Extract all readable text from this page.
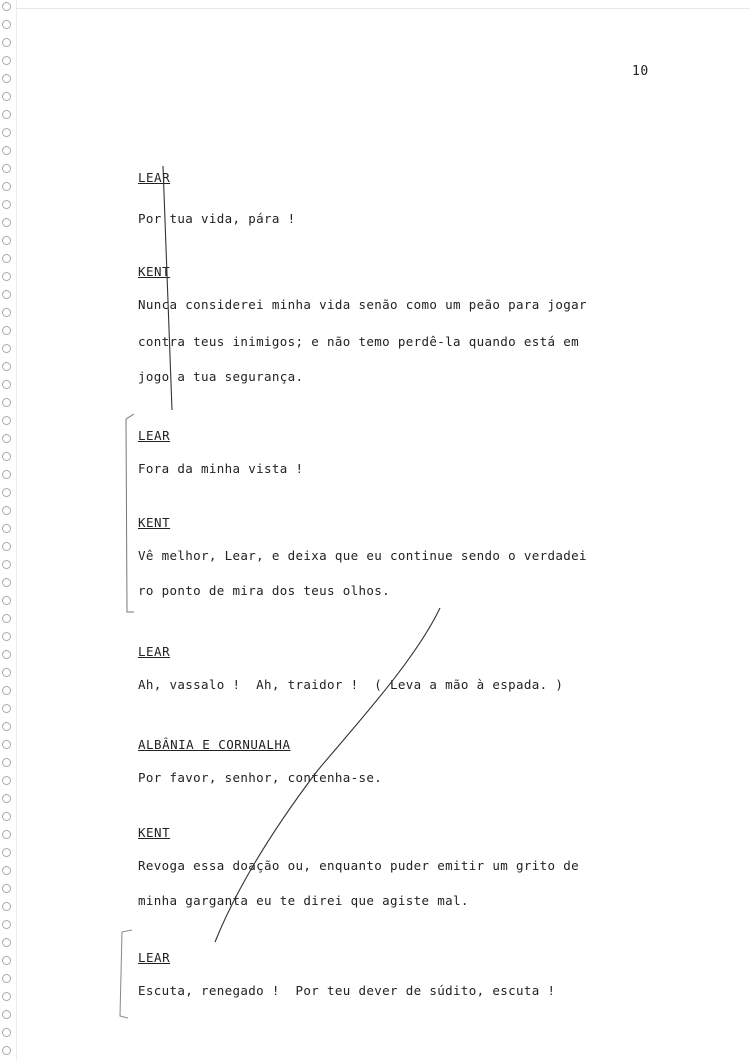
10
LEAR
Por tua vida, pára !
KENT
Nunca considerei minha vida senão como um peão para jogar
contra teus inimigos; e não temo perdê-la quando está em
jogo a tua segurança.
LEAR
Fora da minha vista !
KENT
Vê melhor, Lear, e deixa que eu continue sendo o verdadei
ro ponto de mira dos teus olhos.
LEAR
Ah, vassalo !  Ah, traidor !  ( Leva a mão à espada. )
ALBÂNIA E CORNUALHA
Por favor, senhor, contenha-se.
KENT
Revoga essa doação ou, enquanto puder emitir um grito de
minha garganta eu te direi que agiste mal.
LEAR
Escuta, renegado !  Por teu dever de súdito, escuta !
